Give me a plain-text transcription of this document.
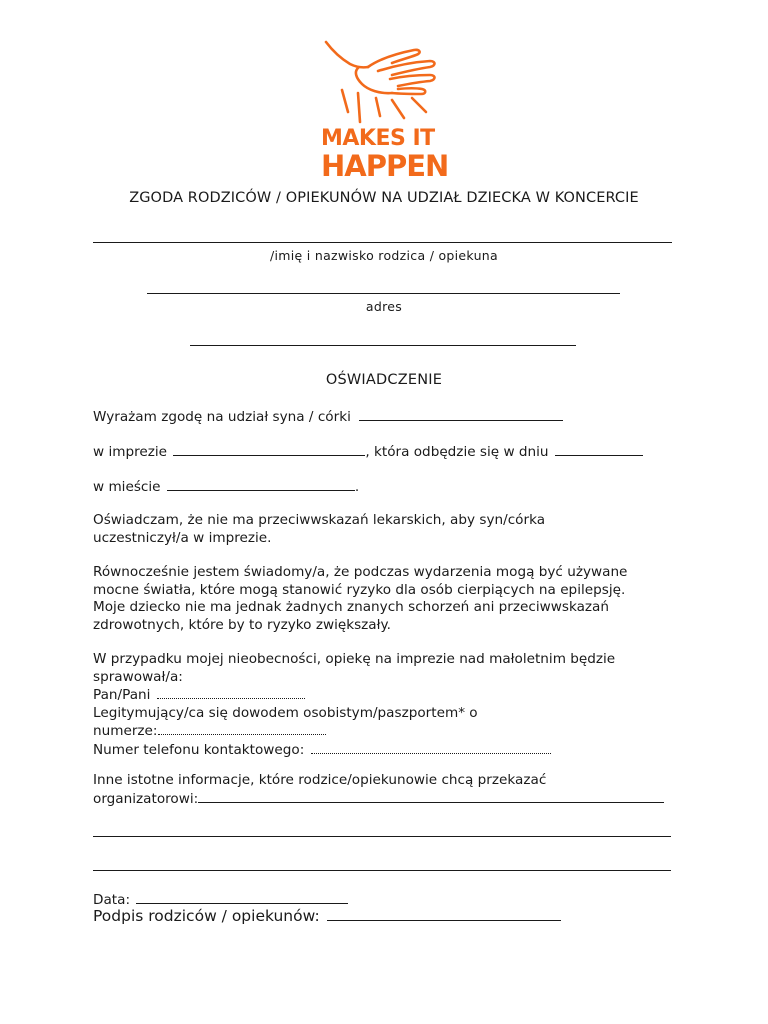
MAKES IT
HAPPEN
ZGODA RODZICÓW / OPIEKUNÓW NA UDZIAŁ DZIECKA W KONCERCIE
/imię i nazwisko rodzica / opiekuna
adres
OŚWIADCZENIE
Wyrażam zgodę na udział syna / córki
w imprezie	, która odbędzie się w dniu
w mieście	.
Oświadczam, że nie ma przeciwwskazań lekarskich, aby syn/córka
uczestniczył/a w imprezie.
Równocześnie jestem świadomy/a, że podczas wydarzenia mogą być używane
mocne światła, które mogą stanowić ryzyko dla osób cierpiących na epilepsję.
Moje dziecko nie ma jednak żadnych znanych schorzeń ani przeciwwskazań
zdrowotnych, które by to ryzyko zwiększały.
W przypadku mojej nieobecności, opiekę na imprezie nad małoletnim będzie
sprawował/a:
Pan/Pani
Legitymujący/ca się dowodem osobistym/paszportem* o
numerze:
Numer telefonu kontaktowego:
Inne istotne informacje, które rodzice/opiekunowie chcą przekazać
organizatorowi:
Data:
Podpis rodziców / opiekunów:
